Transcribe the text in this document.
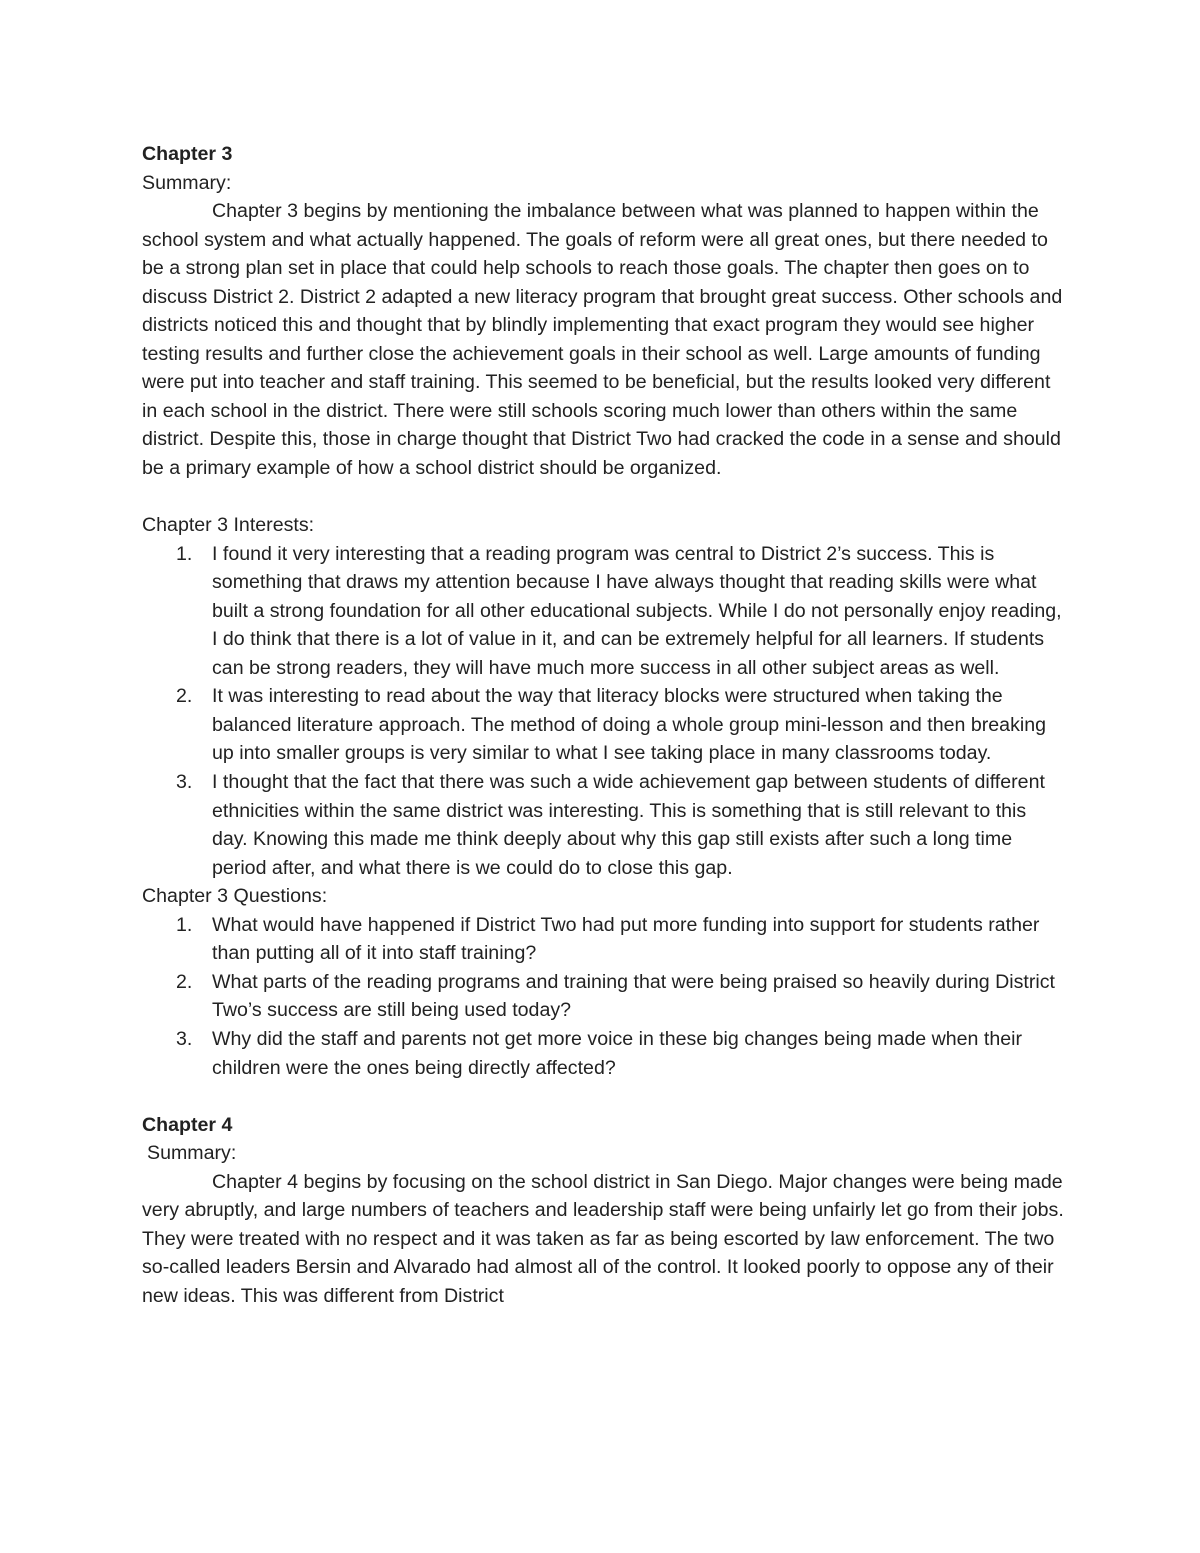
Chapter 3

Summary:

Chapter 3 begins by mentioning the imbalance between what was planned to happen within the school system and what actually happened. The goals of reform were all great ones, but there needed to be a strong plan set in place that could help schools to reach those goals. The chapter then goes on to discuss District 2. District 2 adapted a new literacy program that brought great success. Other schools and districts noticed this and thought that by blindly implementing that exact program they would see higher testing results and further close the achievement goals in their school as well. Large amounts of funding were put into teacher and staff training. This seemed to be beneficial, but the results looked very different in each school in the district. There were still schools scoring much lower than others within the same district. Despite this, those in charge thought that District Two had cracked the code in a sense and should be a primary example of how a school district should be organized.

Chapter 3 Interests:

1. I found it very interesting that a reading program was central to District 2’s success. This is something that draws my attention because I have always thought that reading skills were what built a strong foundation for all other educational subjects. While I do not personally enjoy reading, I do think that there is a lot of value in it, and can be extremely helpful for all learners. If students can be strong readers, they will have much more success in all other subject areas as well.
2. It was interesting to read about the way that literacy blocks were structured when taking the balanced literature approach. The method of doing a whole group mini-lesson and then breaking up into smaller groups is very similar to what I see taking place in many classrooms today.
3. I thought that the fact that there was such a wide achievement gap between students of different ethnicities within the same district was interesting. This is something that is still relevant to this day. Knowing this made me think deeply about why this gap still exists after such a long time period after, and what there is we could do to close this gap.

Chapter 3 Questions:

1. What would have happened if District Two had put more funding into support for students rather than putting all of it into staff training?
2. What parts of the reading programs and training that were being praised so heavily during District Two’s success are still being used today?
3. Why did the staff and parents not get more voice in these big changes being made when their children were the ones being directly affected?

Chapter 4

Summary:

Chapter 4 begins by focusing on the school district in San Diego. Major changes were being made very abruptly, and large numbers of teachers and leadership staff were being unfairly let go from their jobs. They were treated with no respect and it was taken as far as being escorted by law enforcement. The two so-called leaders Bersin and Alvarado had almost all of the control. It looked poorly to oppose any of their new ideas. This was different from District
